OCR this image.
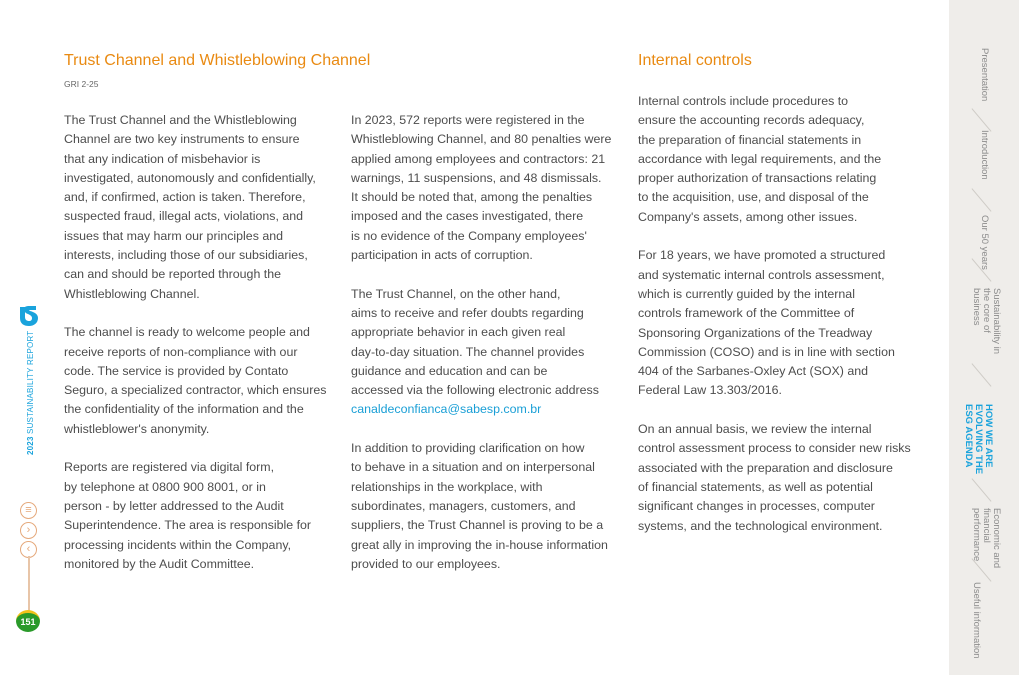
2023 SUSTAINABILITY REPORT
≡
›
‹
151
Trust Channel and Whistleblowing Channel
GRI 2-25
Internal controls
The Trust Channel and the Whistleblowing
Channel are two key instruments to ensure
that any indication of misbehavior is
investigated, autonomously and confidentially,
and, if confirmed, action is taken. Therefore,
suspected fraud, illegal acts, violations, and
issues that may harm our principles and
interests, including those of our subsidiaries,
can and should be reported through the
Whistleblowing Channel.
The channel is ready to welcome people and
receive reports of non-compliance with our
code. The service is provided by Contato
Seguro, a specialized contractor, which ensures
the confidentiality of the information and the
whistleblower's anonymity.
Reports are registered via digital form,
by telephone at 0800 900 8001, or in
person - by letter addressed to the Audit
Superintendence. The area is responsible for
processing incidents within the Company,
monitored by the Audit Committee.
In 2023, 572 reports were registered in the
Whistleblowing Channel, and 80 penalties were
applied among employees and contractors: 21
warnings, 11 suspensions, and 48 dismissals.
It should be noted that, among the penalties
imposed and the cases investigated, there
is no evidence of the Company employees'
participation in acts of corruption.
The Trust Channel, on the other hand,
aims to receive and refer doubts regarding
appropriate behavior in each given real
day-to-day situation. The channel provides
guidance and education and can be
accessed via the following electronic address
canaldeconfianca@sabesp.com.br
In addition to providing clarification on how
to behave in a situation and on interpersonal
relationships in the workplace, with
subordinates, managers, customers, and
suppliers, the Trust Channel is proving to be a
great ally in improving the in-house information
provided to our employees.
Internal controls include procedures to
ensure the accounting records adequacy,
the preparation of financial statements in
accordance with legal requirements, and the
proper authorization of transactions relating
to the acquisition, use, and disposal of the
Company's assets, among other issues.
For 18 years, we have promoted a structured
and systematic internal controls assessment,
which is currently guided by the internal
controls framework of the Committee of
Sponsoring Organizations of the Treadway
Commission (COSO) and is in line with section
404 of the Sarbanes-Oxley Act (SOX) and
Federal Law 13.303/2016.
On an annual basis, we review the internal
control assessment process to consider new risks
associated with the preparation and disclosure
of financial statements, as well as potential
significant changes in processes, computer
systems, and the technological environment.
Presentation
Introduction
Our 50 years
Sustainability in the core of business
HOW WE ARE EVOLVING THE ESG AGENDA
Economic and financial performance
Useful information
